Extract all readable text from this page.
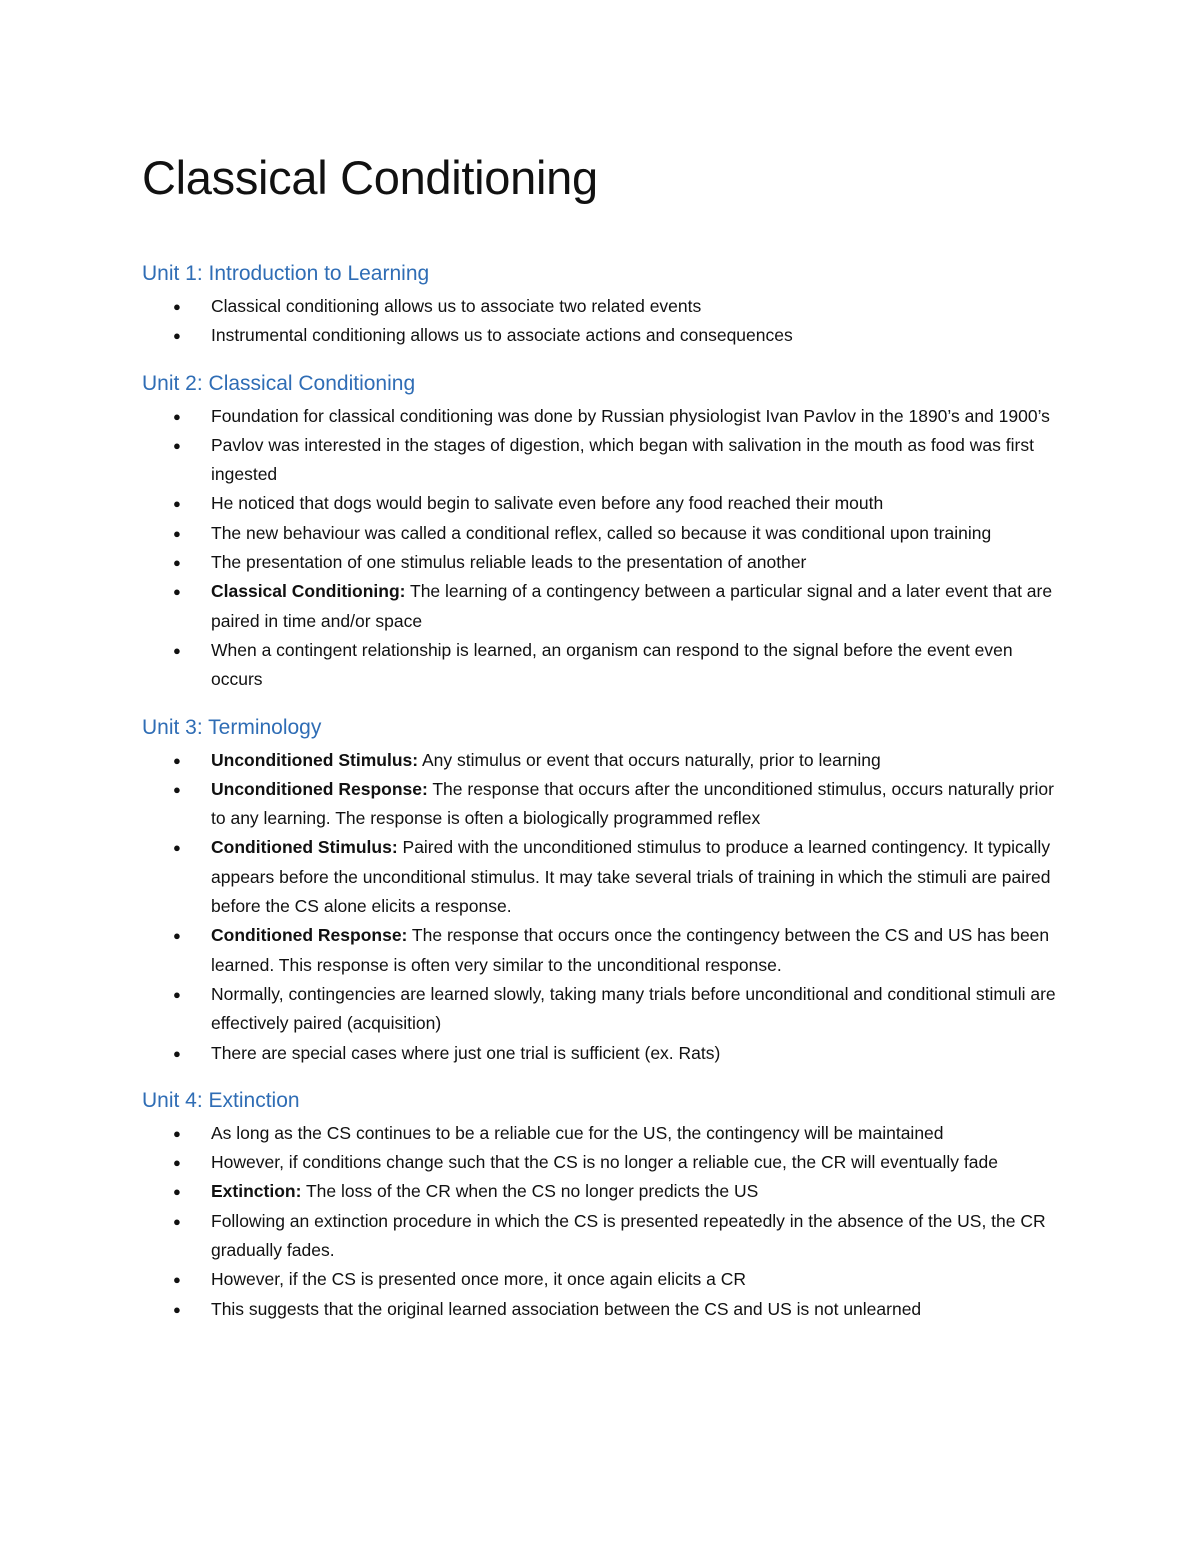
Classical Conditioning
Unit 1: Introduction to Learning
● Classical conditioning allows us to associate two related events
● Instrumental conditioning allows us to associate actions and consequences
Unit 2: Classical Conditioning
● Foundation for classical conditioning was done by Russian physiologist Ivan Pavlov in the 1890’s and 1900’s
● Pavlov was interested in the stages of digestion, which began with salivation in the mouth as food was first ingested
● He noticed that dogs would begin to salivate even before any food reached their mouth
● The new behaviour was called a conditional reflex, called so because it was conditional upon training
● The presentation of one stimulus reliable leads to the presentation of another
● Classical Conditioning: The learning of a contingency between a particular signal and a later event that are paired in time and/or space
● When a contingent relationship is learned, an organism can respond to the signal before the event even occurs
Unit 3: Terminology
● Unconditioned Stimulus: Any stimulus or event that occurs naturally, prior to learning
● Unconditioned Response: The response that occurs after the unconditioned stimulus, occurs naturally prior to any learning. The response is often a biologically programmed reflex
● Conditioned Stimulus: Paired with the unconditioned stimulus to produce a learned contingency. It typically appears before the unconditional stimulus. It may take several trials of training in which the stimuli are paired before the CS alone elicits a response.
● Conditioned Response: The response that occurs once the contingency between the CS and US has been learned. This response is often very similar to the unconditional response.
● Normally, contingencies are learned slowly, taking many trials before unconditional and conditional stimuli are effectively paired (acquisition)
● There are special cases where just one trial is sufficient (ex. Rats)
Unit 4: Extinction
● As long as the CS continues to be a reliable cue for the US, the contingency will be maintained
● However, if conditions change such that the CS is no longer a reliable cue, the CR will eventually fade
● Extinction: The loss of the CR when the CS no longer predicts the US
● Following an extinction procedure in which the CS is presented repeatedly in the absence of the US, the CR gradually fades.
● However, if the CS is presented once more, it once again elicits a CR
● This suggests that the original learned association between the CS and US is not unlearned
